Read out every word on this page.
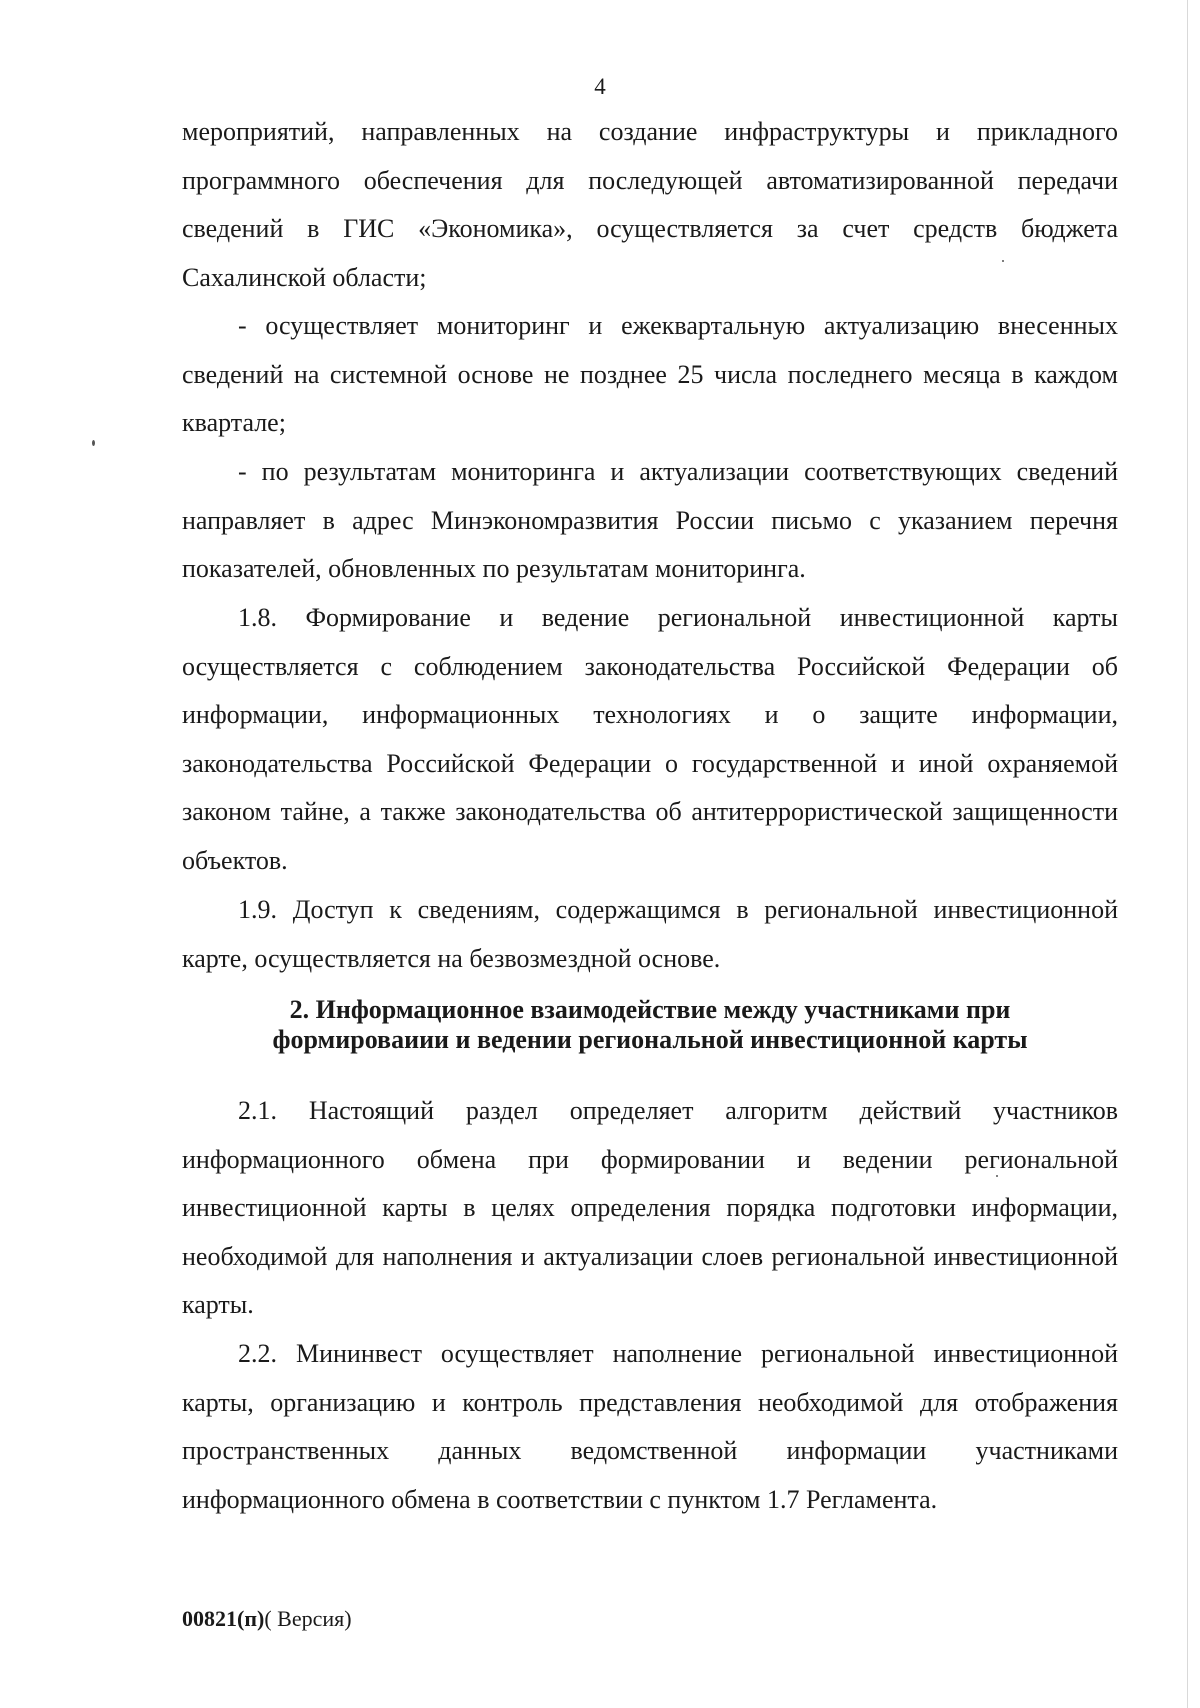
4

мероприятий, направленных на создание инфраструктуры и прикладного программного обеспечения для последующей автоматизированной передачи сведений в ГИС «Экономика», осуществляется за счет средств бюджета Сахалинской области;

- осуществляет мониторинг и ежеквартальную актуализацию внесенных сведений на системной основе не позднее 25 числа последнего месяца в каждом квартале;

- по результатам мониторинга и актуализации соответствующих сведений направляет в адрес Минэкономразвития России письмо с указанием перечня показателей, обновленных по результатам мониторинга.

1.8. Формирование и ведение региональной инвестиционной карты осуществляется с соблюдением законодательства Российской Федерации об информации, информационных технологиях и о защите информации, законодательства Российской Федерации о государственной и иной охраняемой законом тайне, а также законодательства об антитеррористической защищенности объектов.

1.9. Доступ к сведениям, содержащимся в региональной инвестиционной карте, осуществляется на безвозмездной основе.

2. Информационное взаимодействие между участниками при
формироваиии и ведении региональной инвестиционной карты

2.1. Настоящий раздел определяет алгоритм действий участников информационного обмена при формировании и ведении региональной инвестиционной карты в целях определения порядка подготовки информации, необходимой для наполнения и актуализации слоев региональной инвестиционной карты.

2.2. Мининвест осуществляет наполнение региональной инвестиционной карты, организацию и контроль представления необходимой для отображения пространственных данных ведомственной информации участниками информационного обмена в соответствии с пунктом 1.7 Регламента.

00821(п)( Версия)
